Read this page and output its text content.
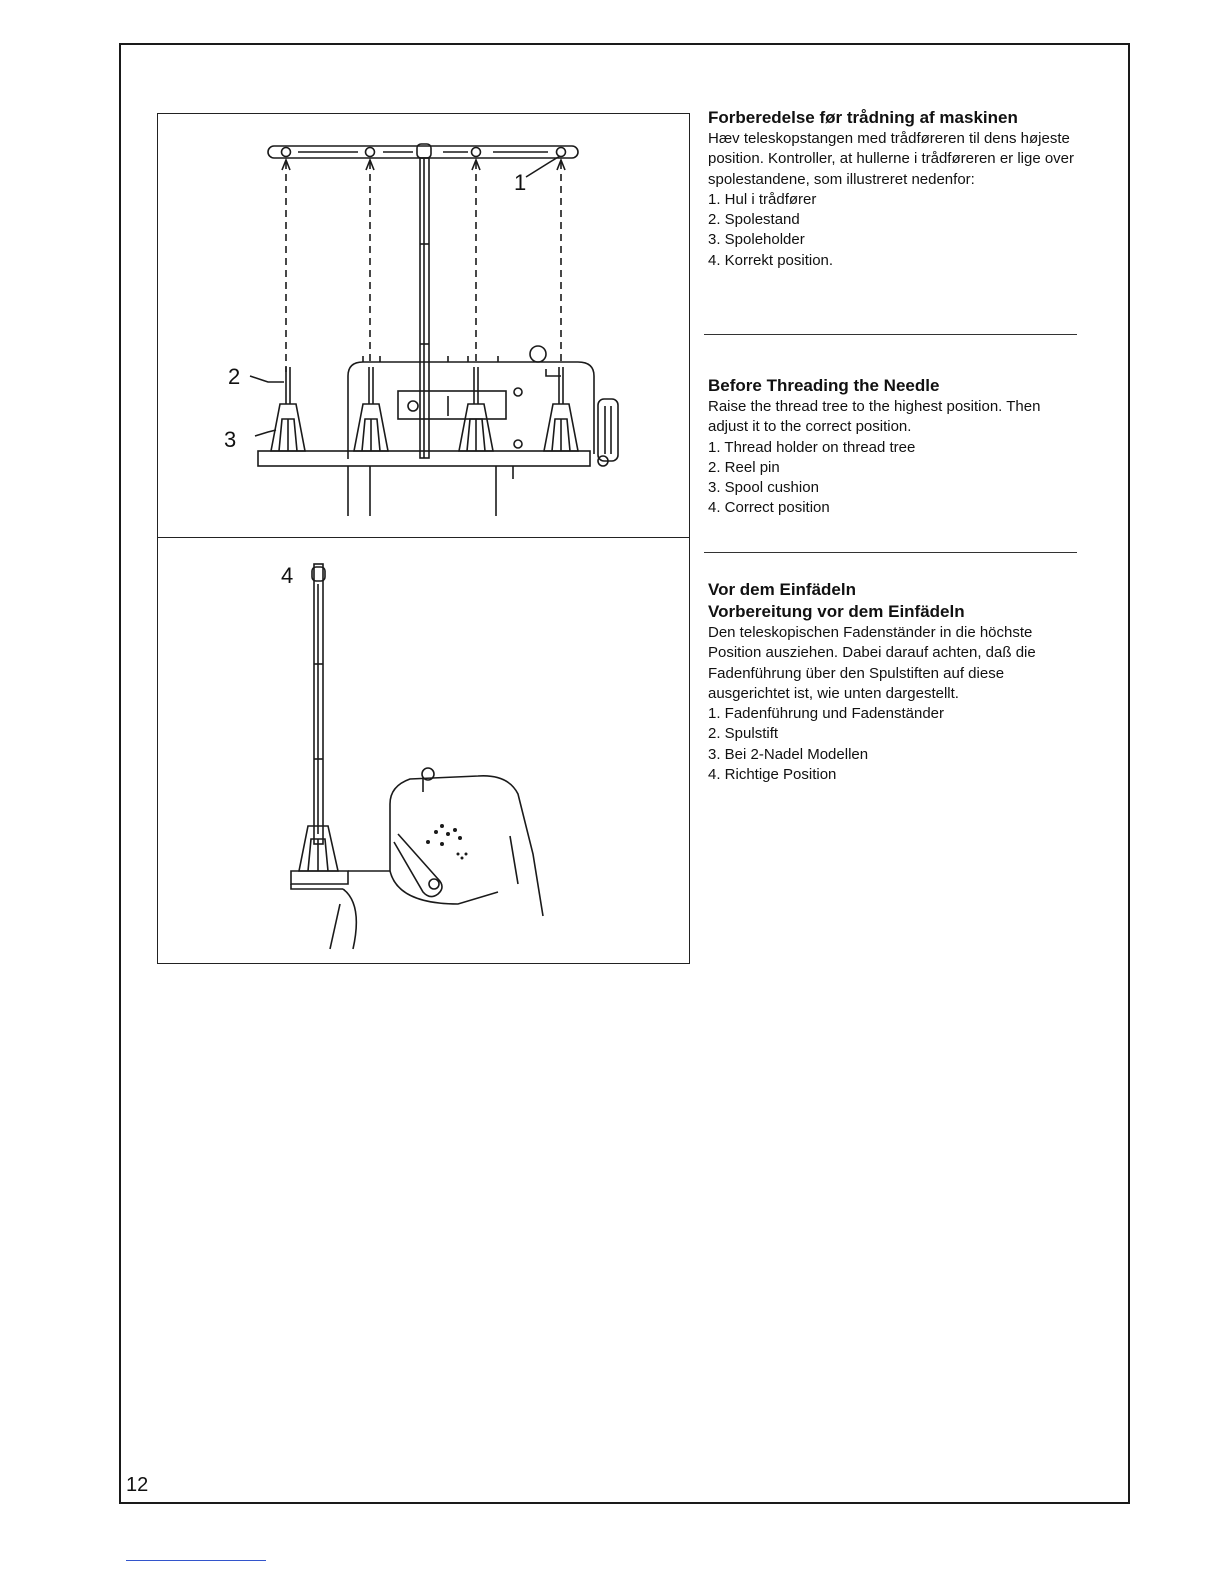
1
2
3
4

Forberedelse før trådning af maskinen

Hæv teleskopstangen med trådføreren til dens højeste position. Kontroller, at hullerne i trådføreren er lige over spolestandene, som illustreret nedenfor:

1. Hul i trådfører
2. Spolestand
3. Spoleholder
4. Korrekt position.

Before Threading the Needle

Raise the thread tree to the highest position. Then adjust it to the correct position.

1. Thread holder on thread tree
2. Reel pin
3. Spool cushion
4. Correct position

Vor dem Einfädeln

Vorbereitung vor dem Einfädeln

Den teleskopischen Fadenständer in die höchste Position ausziehen. Dabei darauf achten, daß die Fadenführung über den Spulstiften auf diese ausgerichtet ist, wie unten dargestellt.

1. Fadenführung und Fadenständer
2. Spulstift
3. Bei 2-Nadel Modellen
4. Richtige Position
12
